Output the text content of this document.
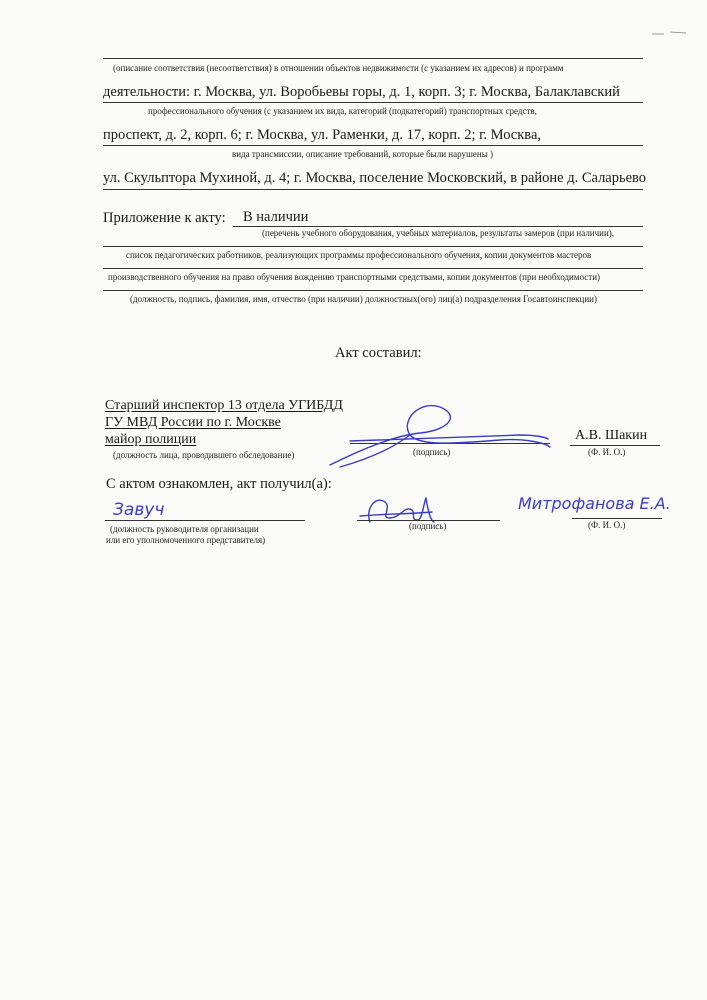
(описание соответствия (несоответствия) в отношении объектов недвижимости (с указанием их адресов) и программ
деятельности: г. Москва, ул. Воробьевы горы, д. 1, корп. 3; г. Москва, Балаклавский
профессионального обучения (с указанием их вида, категорий (подкатегорий) транспортных средств,
проспект, д. 2, корп. 6; г. Москва, ул. Раменки, д. 17, корп. 2; г. Москва,
вида трансмиссии, описание требований, которые были нарушены )
ул. Скульптора Мухиной, д. 4; г. Москва, поселение Московский, в районе д. Саларьево
Приложение к акту: В наличии
(перечень учебного оборудования, учебных материалов, результаты замеров (при наличии),
список педагогических работников, реализующих программы профессионального обучения, копии документов мастеров
производственного обучения на право обучения вождению транспортными средствами, копии документов (при необходимости)
(должность, подпись, фамилия, имя, отчество (при наличии) должностных(ого) лиц(а) подразделения Госавтоинспекции)
Акт составил:
Старший инспектор 13 отдела УГИБДД
ГУ МВД России по г. Москве
майор полиции
(должность лица, проводившего обследование)	(подпись)
А.В. Шакин
(Ф. И. О.)
С актом ознакомлен, акт получил(а):
Завуч
(должность руководителя организации
или его уполномоченного представителя)
(подпись)
Митрофанова Е.А.
(Ф. И. О.)
